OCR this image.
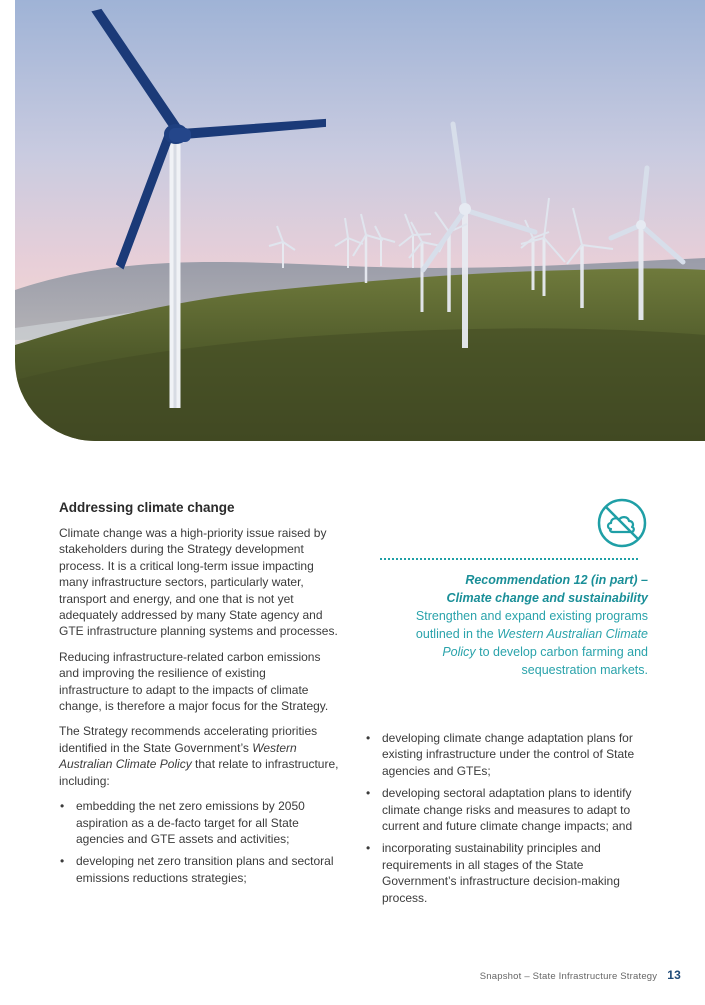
Addressing climate change

Climate change was a high-priority issue raised by stakeholders during the Strategy development process. It is a critical long-term issue impacting many infrastructure sectors, particularly water, transport and energy, and one that is not yet adequately addressed by many State agency and GTE infrastructure planning systems and processes.

Reducing infrastructure-related carbon emissions and improving the resilience of existing infrastructure to adapt to the impacts of climate change, is therefore a major focus for the Strategy.

The Strategy recommends accelerating priorities identified in the State Government’s Western Australian Climate Policy that relate to infrastructure, including:

• embedding the net zero emissions by 2050 aspiration as a de-facto target for all State agencies and GTE assets and activities;
• developing net zero transition plans and sectoral emissions reductions strategies;
Recommendation 12 (in part) –
Climate change and sustainability
Strengthen and expand existing programs outlined in the Western Australian Climate Policy to develop carbon farming and sequestration markets.
• developing climate change adaptation plans for existing infrastructure under the control of State agencies and GTEs;
• developing sectoral adaptation plans to identify climate change risks and measures to adapt to current and future climate change impacts; and
• incorporating sustainability principles and requirements in all stages of the State Government’s infrastructure decision-making process.
Snapshot – State Infrastructure Strategy 13
